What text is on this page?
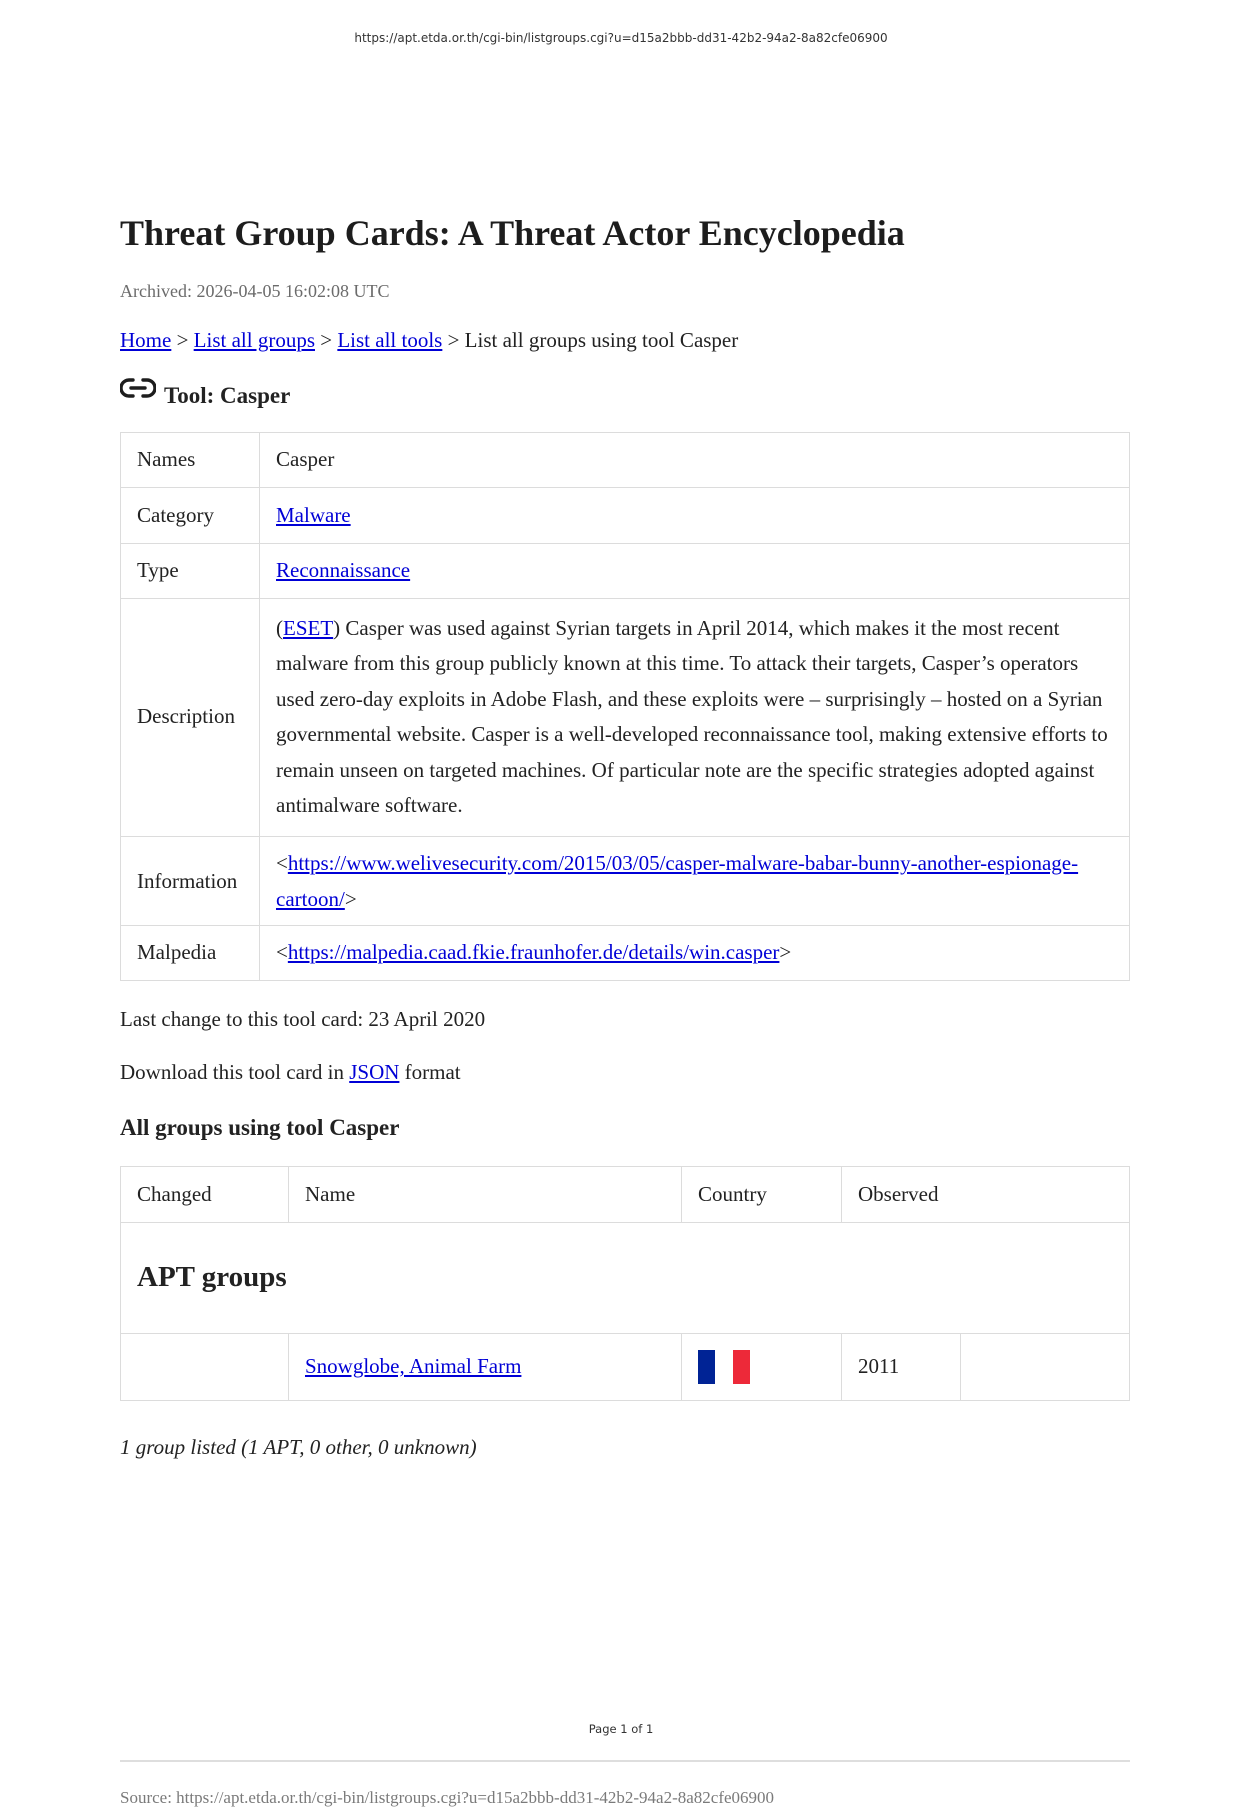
https://apt.etda.or.th/cgi-bin/listgroups.cgi?u=d15a2bbb-dd31-42b2-94a2-8a82cfe06900
Threat Group Cards: A Threat Actor Encyclopedia
Archived: 2026-04-05 16:02:08 UTC
Home > List all groups > List all tools > List all groups using tool Casper
Tool: Casper
Names	Casper
Category	Malware
Type	Reconnaissance
Description	(ESET) Casper was used against Syrian targets in April 2014, which makes it the most recent malware from this group publicly known at this time. To attack their targets, Casper’s operators used zero-day exploits in Adobe Flash, and these exploits were – surprisingly – hosted on a Syrian governmental website. Casper is a well-developed reconnaissance tool, making extensive efforts to remain unseen on targeted machines. Of particular note are the specific strategies adopted against antimalware software.
Information	<https://www.welivesecurity.com/2015/03/05/casper-malware-babar-bunny-another-espionage-cartoon/>
Malpedia	<https://malpedia.caad.fkie.fraunhofer.de/details/win.casper>
Last change to this tool card: 23 April 2020
Download this tool card in JSON format
All groups using tool Casper
Changed	Name	Country	Observed	
APT groups				
	Snowglobe, Animal Farm		2011	
1 group listed (1 APT, 0 other, 0 unknown)
Source: https://apt.etda.or.th/cgi-bin/listgroups.cgi?u=d15a2bbb-dd31-42b2-94a2-8a82cfe06900
Page 1 of 1
